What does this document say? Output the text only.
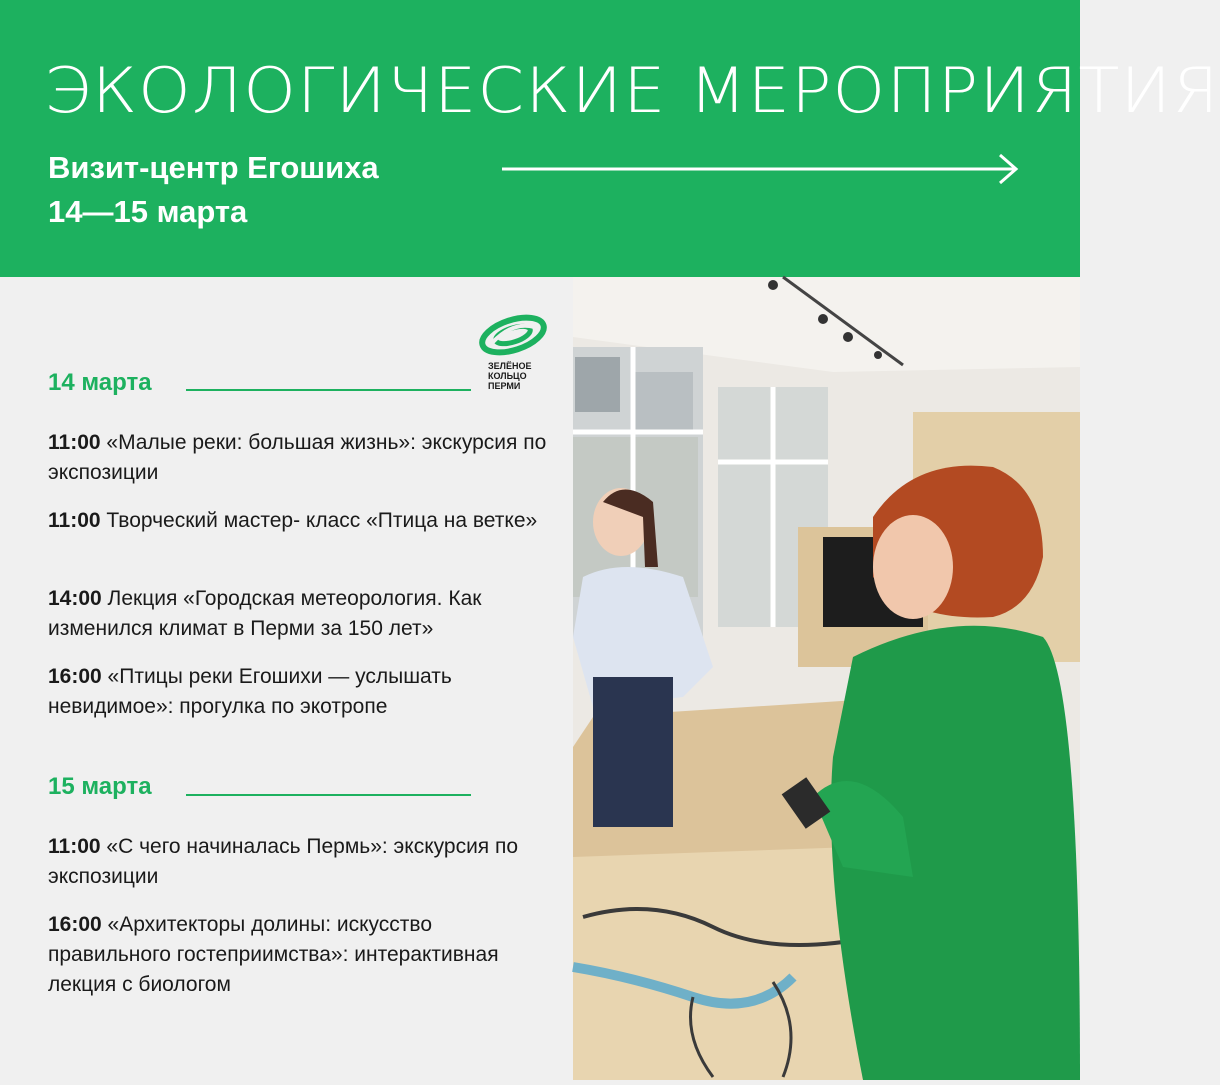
ЭКОЛОГИЧЕСКИЕ МЕРОПРИЯТИЯ
Визит-центр Егошиха
14—15 марта
ЗЕЛЁНОЕ
КОЛЬЦО
ПЕРМИ
14 марта
11:00 «Малые реки: большая жизнь»: экскурсия по экспозиции
11:00 Творческий мастер- класс «Птица на ветке»
14:00 Лекция «Городская метеорология. Как изменился климат в Перми за 150 лет»
16:00 «Птицы реки Егошихи — услышать невидимое»: прогулка по экотропе
15 марта
11:00 «С чего начиналась Пермь»: экскурсия по экспозиции
16:00 «Архитекторы долины: искусство правильного гостеприимства»: интерактивная лекция с биологом
